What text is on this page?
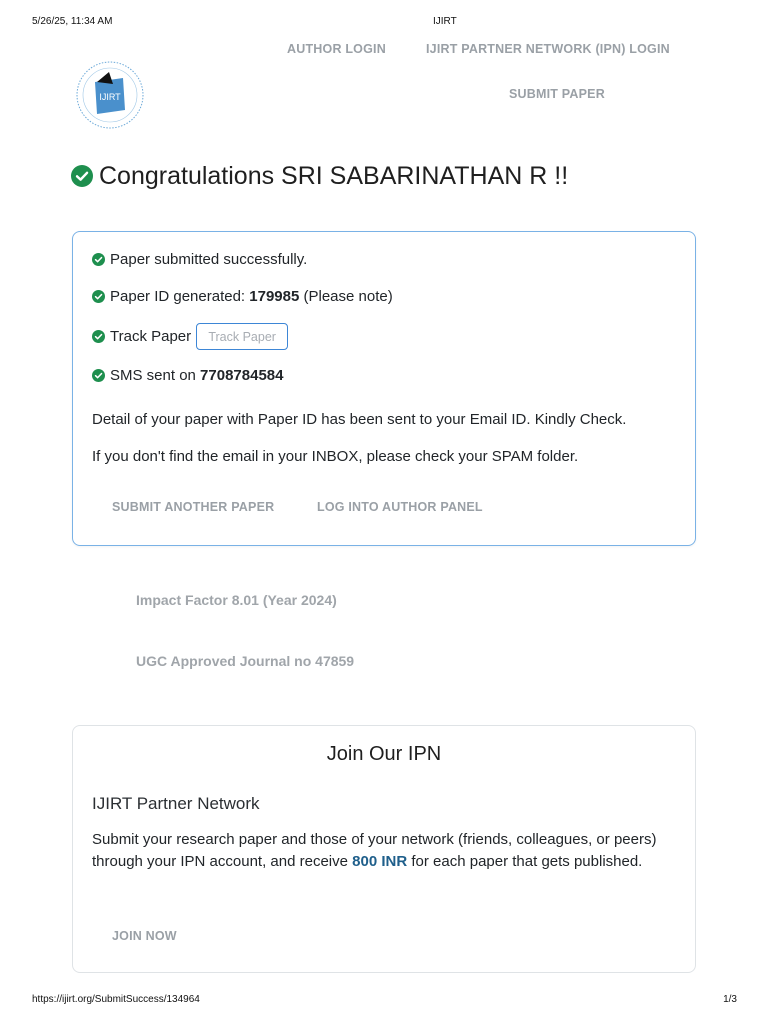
5/26/25, 11:34 AM	IJIRT
IJIRT
AUTHOR LOGIN	IJIRT PARTNER NETWORK (IPN) LOGIN
SUBMIT PAPER
Congratulations SRI SABARINATHAN R !!
Paper submitted successfully.
Paper ID generated: 179985 (Please note)
Track Paper	Track Paper
SMS sent on 7708784584

Detail of your paper with Paper ID has been sent to your Email ID. Kindly Check.

If you don't find the email in your INBOX, please check your SPAM folder.

SUBMIT ANOTHER PAPER	LOG INTO AUTHOR PANEL
Impact Factor 8.01 (Year 2024)
UGC Approved Journal no 47859
Join Our IPN
IJIRT Partner Network

Submit your research paper and those of your network (friends, colleagues, or peers) through your IPN account, and receive 800 INR for each paper that gets published.

JOIN NOW
https://ijirt.org/SubmitSuccess/134964	1/3
